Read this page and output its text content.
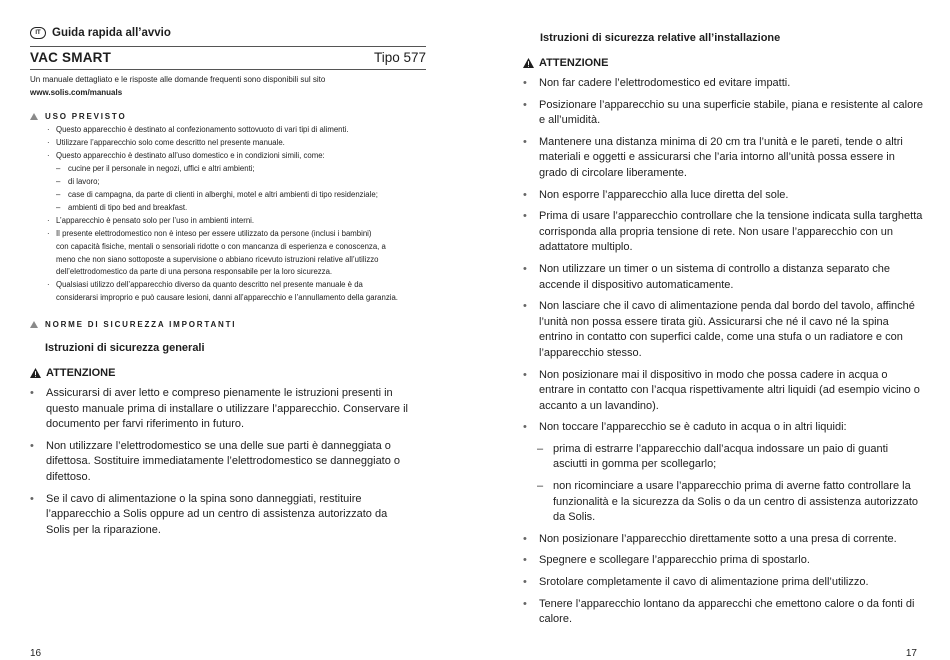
IT Guida rapida all’avvio
VAC SMART	Tipo 577
Un manuale dettagliato e le risposte alle domande frequenti sono disponibili sul sito
www.solis.com/manuals
USO PREVISTO
· Questo apparecchio è destinato al confezionamento sottovuoto di vari tipi di alimenti.
· Utilizzare l’apparecchio solo come descritto nel presente manuale.
· Questo apparecchio è destinato all’uso domestico e in condizioni simili, come:
– cucine per il personale in negozi, uffici e altri ambienti;
– di lavoro;
– case di campagna, da parte di clienti in alberghi, motel e altri ambienti di tipo residenziale;
– ambienti di tipo bed and breakfast.
· L’apparecchio è pensato solo per l’uso in ambienti interni.
· Il presente elettrodomestico non è inteso per essere utilizzato da persone (inclusi i bambini)
con capacità fisiche, mentali o sensoriali ridotte o con mancanza di esperienza e conoscenza, a
meno che non siano sottoposte a supervisione o abbiano ricevuto istruzioni relative all’utilizzo
dell’elettrodomestico da parte di una persona responsabile per la loro sicurezza.
· Qualsiasi utilizzo dell’apparecchio diverso da quanto descritto nel presente manuale è da
considerarsi improprio e può causare lesioni, danni all’apparecchio e l’annullamento della garanzia.
NORME DI SICUREZZA IMPORTANTI
Istruzioni di sicurezza generali
ATTENZIONE
• Assicurarsi di aver letto e compreso pienamente le istruzioni presenti in questo manuale prima di installare o utilizzare l’apparecchio. Conservare il documento per farvi riferimento in futuro.
• Non utilizzare l’elettrodomestico se una delle sue parti è danneggiata o difettosa. Sostituire immediatamente l’elettrodomestico se danneggiato o difettoso.
• Se il cavo di alimentazione o la spina sono danneggiati, restituire l’apparecchio a Solis oppure ad un centro di assistenza autorizzato da Solis per la riparazione.
16
Istruzioni di sicurezza relative all’installazione
ATTENZIONE
• Non far cadere l’elettrodomestico ed evitare impatti.
• Posizionare l’apparecchio su una superficie stabile, piana e resistente al calore e all’umidità.
• Mantenere una distanza minima di 20 cm tra l’unità e le pareti, tende o altri materiali e oggetti e assicurarsi che l’aria intorno all’unità possa essere in grado di circolare liberamente.
• Non esporre l’apparecchio alla luce diretta del sole.
• Prima di usare l’apparecchio controllare che la tensione indicata sulla targhetta corrisponda alla propria tensione di rete. Non usare l’apparecchio con un adattatore multiplo.
• Non utilizzare un timer o un sistema di controllo a distanza separato che accende il dispositivo automaticamente.
• Non lasciare che il cavo di alimentazione penda dal bordo del tavolo, affinché l’unità non possa essere tirata giù. Assicurarsi che né il cavo né la spina entrino in contatto con superfici calde, come una stufa o un radiatore e con l’apparecchio stesso.
• Non posizionare mai il dispositivo in modo che possa cadere in acqua o entrare in contatto con l’acqua rispettivamente altri liquidi (ad esempio vicino o accanto a un lavandino).
• Non toccare l’apparecchio se è caduto in acqua o in altri liquidi:
– prima di estrarre l’apparecchio dall’acqua indossare un paio di guanti asciutti in gomma per scollegarlo;
– non ricominciare a usare l’apparecchio prima di averne fatto controllare la funzionalità e la sicurezza da Solis o da un centro di assistenza autorizzato da Solis.
• Non posizionare l’apparecchio direttamente sotto a una presa di corrente.
• Spegnere e scollegare l’apparecchio prima di spostarlo.
• Srotolare completamente il cavo di alimentazione prima dell’utilizzo.
• Tenere l’apparecchio lontano da apparecchi che emettono calore o da fonti di calore.
17
